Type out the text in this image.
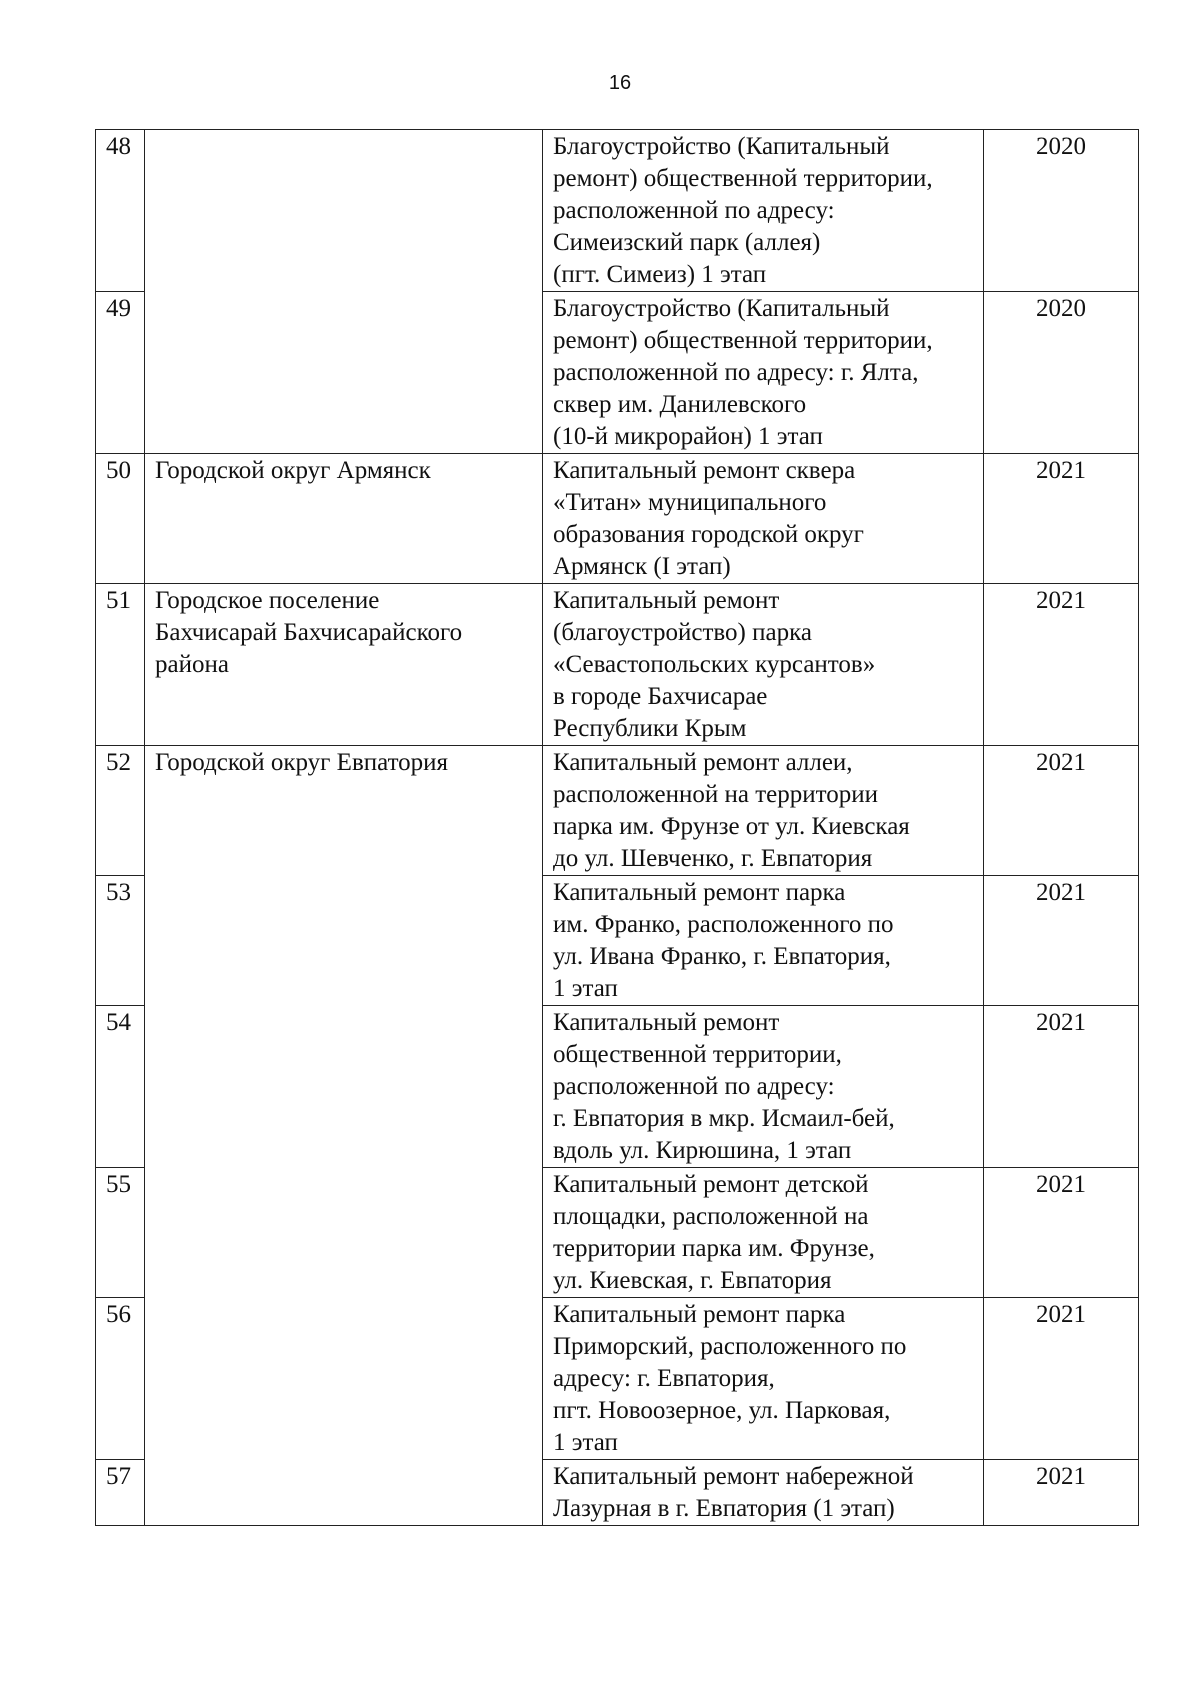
16
48		Благоустройство (Капитальный
ремонт) общественной территории,
расположенной по адресу:
Симеизский парк (аллея)
(пгт. Симеиз) 1 этап	2020
49		Благоустройство (Капитальный
ремонт) общественной территории,
расположенной по адресу: г. Ялта,
сквер им. Данилевского
(10-й микрорайон) 1 этап	2020
50	Городской округ Армянск	Капитальный ремонт сквера
«Титан» муниципального
образования городской округ
Армянск (I этап)	2021
51	Городское поселение
Бахчисарай Бахчисарайского
района	Капитальный ремонт
(благоустройство) парка
«Севастопольских курсантов»
в городе Бахчисарае
Республики Крым	2021
52	Городской округ Евпатория	Капитальный ремонт аллеи,
расположенной на территории
парка им. Фрунзе от ул. Киевская
до ул. Шевченко, г. Евпатория	2021
53		Капитальный ремонт парка
им. Франко, расположенного по
ул. Ивана Франко, г. Евпатория,
1 этап	2021
54		Капитальный ремонт
общественной территории,
расположенной по адресу:
г. Евпатория в мкр. Исмаил-бей,
вдоль ул. Кирюшина, 1 этап	2021
55		Капитальный ремонт детской
площадки, расположенной на
территории парка им. Фрунзе,
ул. Киевская, г. Евпатория	2021
56		Капитальный ремонт парка
Приморский, расположенного по
адресу: г. Евпатория,
пгт. Новоозерное, ул. Парковая,
1 этап	2021
57		Капитальный ремонт набережной
Лазурная в г. Евпатория (1 этап)	2021
